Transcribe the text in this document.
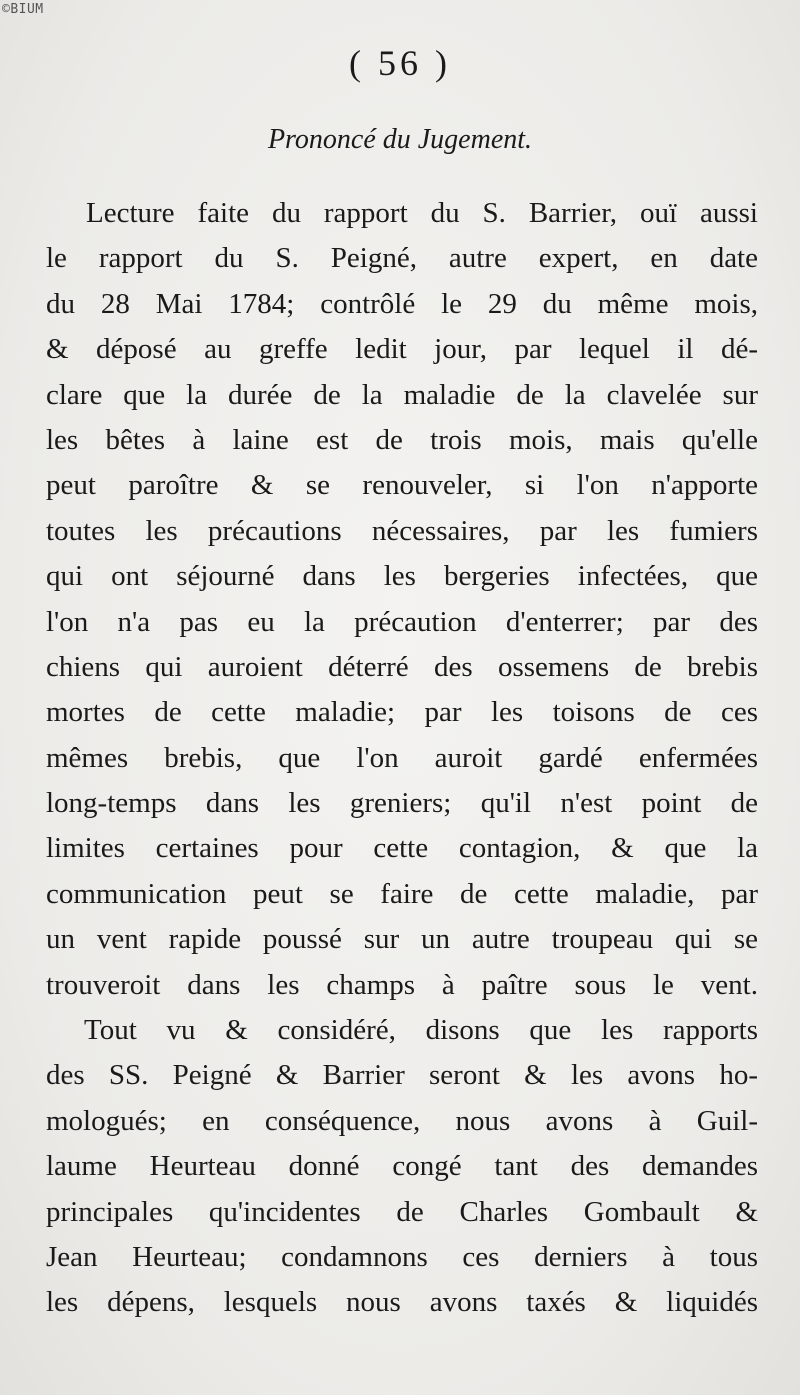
©BIUM
( 56 )
Prononcé du Jugement.
Lecture faite du rapport du S. Barrier, ouï aussi
le rapport du S. Peigné, autre expert, en date
du 28 Mai 1784; contrôlé le 29 du même mois,
& déposé au greffe ledit jour, par lequel il dé-
clare que la durée de la maladie de la clavelée sur
les bêtes à laine est de trois mois, mais qu'elle
peut paroître & se renouveler, si l'on n'apporte
toutes les précautions nécessaires, par les fumiers
qui ont séjourné dans les bergeries infectées, que
l'on n'a pas eu la précaution d'enterrer; par des
chiens qui auroient déterré des ossemens de brebis
mortes de cette maladie; par les toisons de ces
mêmes brebis, que l'on auroit gardé enfermées
long-temps dans les greniers; qu'il n'est point de
limites certaines pour cette contagion, & que la
communication peut se faire de cette maladie, par
un vent rapide poussé sur un autre troupeau qui se
trouveroit dans les champs à paître sous le vent.
Tout vu & considéré, disons que les rapports
des SS. Peigné & Barrier seront & les avons ho-
mologués; en conséquence, nous avons à Guil-
laume Heurteau donné congé tant des demandes
principales qu'incidentes de Charles Gombault &
Jean Heurteau; condamnons ces derniers à tous
les dépens, lesquels nous avons taxés & liquidés
